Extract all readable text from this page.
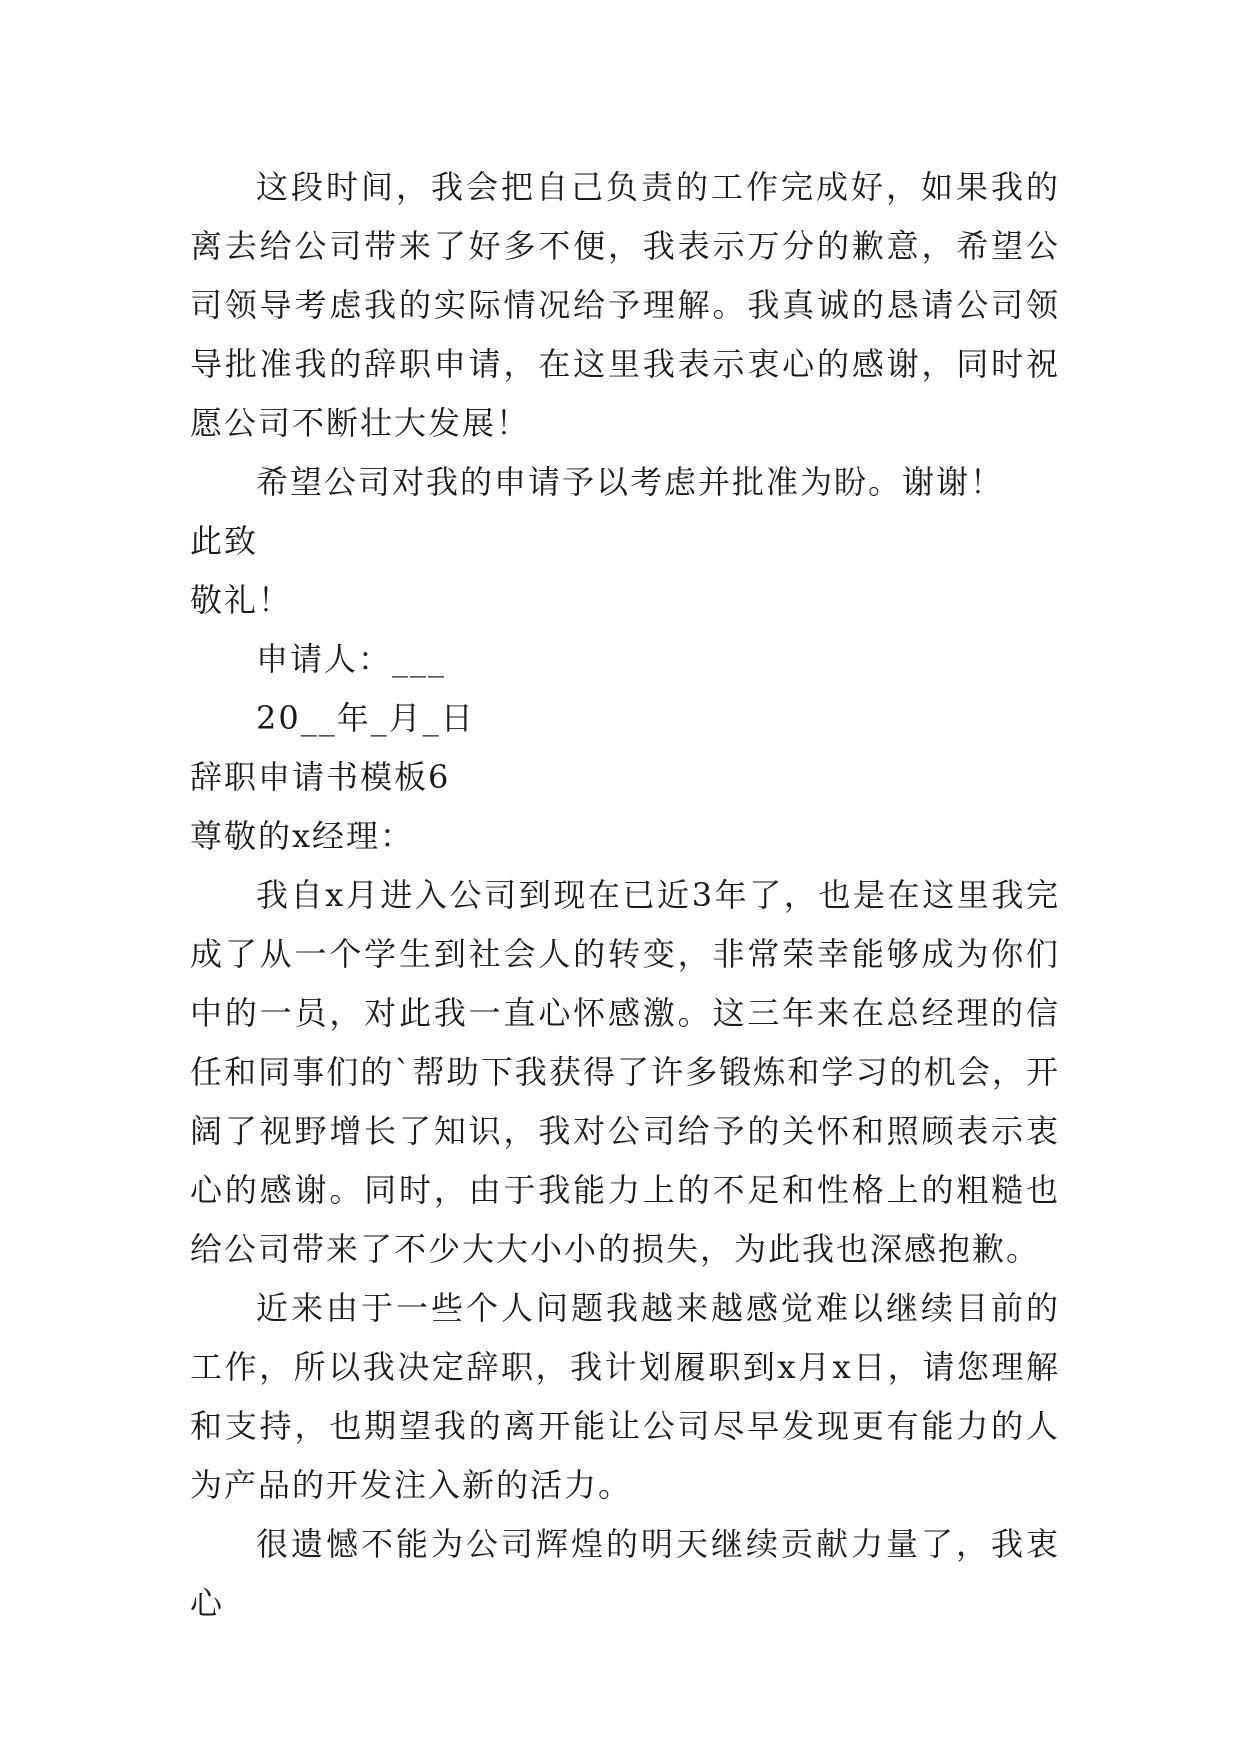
这段时间，我会把自己负责的工作完成好，如果我的离去给公司带来了好多不便，我表示万分的歉意，希望公司领导考虑我的实际情况给予理解。我真诚的恳请公司领导批准我的辞职申请，在这里我表示衷心的感谢，同时祝愿公司不断壮大发展！

希望公司对我的申请予以考虑并批准为盼。谢谢！

此致

敬礼！

申请人：___

20__年_月_日

辞职申请书模板6

尊敬的x经理：

我自x月进入公司到现在已近3年了，也是在这里我完成了从一个学生到社会人的转变，非常荣幸能够成为你们中的一员，对此我一直心怀感激。这三年来在总经理的信任和同事们的`帮助下我获得了许多锻炼和学习的机会，开阔了视野增长了知识，我对公司给予的关怀和照顾表示衷心的感谢。同时，由于我能力上的不足和性格上的粗糙也给公司带来了不少大大小小的损失，为此我也深感抱歉。

近来由于一些个人问题我越来越感觉难以继续目前的工作，所以我决定辞职，我计划履职到x月x日，请您理解和支持，也期望我的离开能让公司尽早发现更有能力的人为产品的开发注入新的活力。

很遗憾不能为公司辉煌的明天继续贡献力量了，我衷心
